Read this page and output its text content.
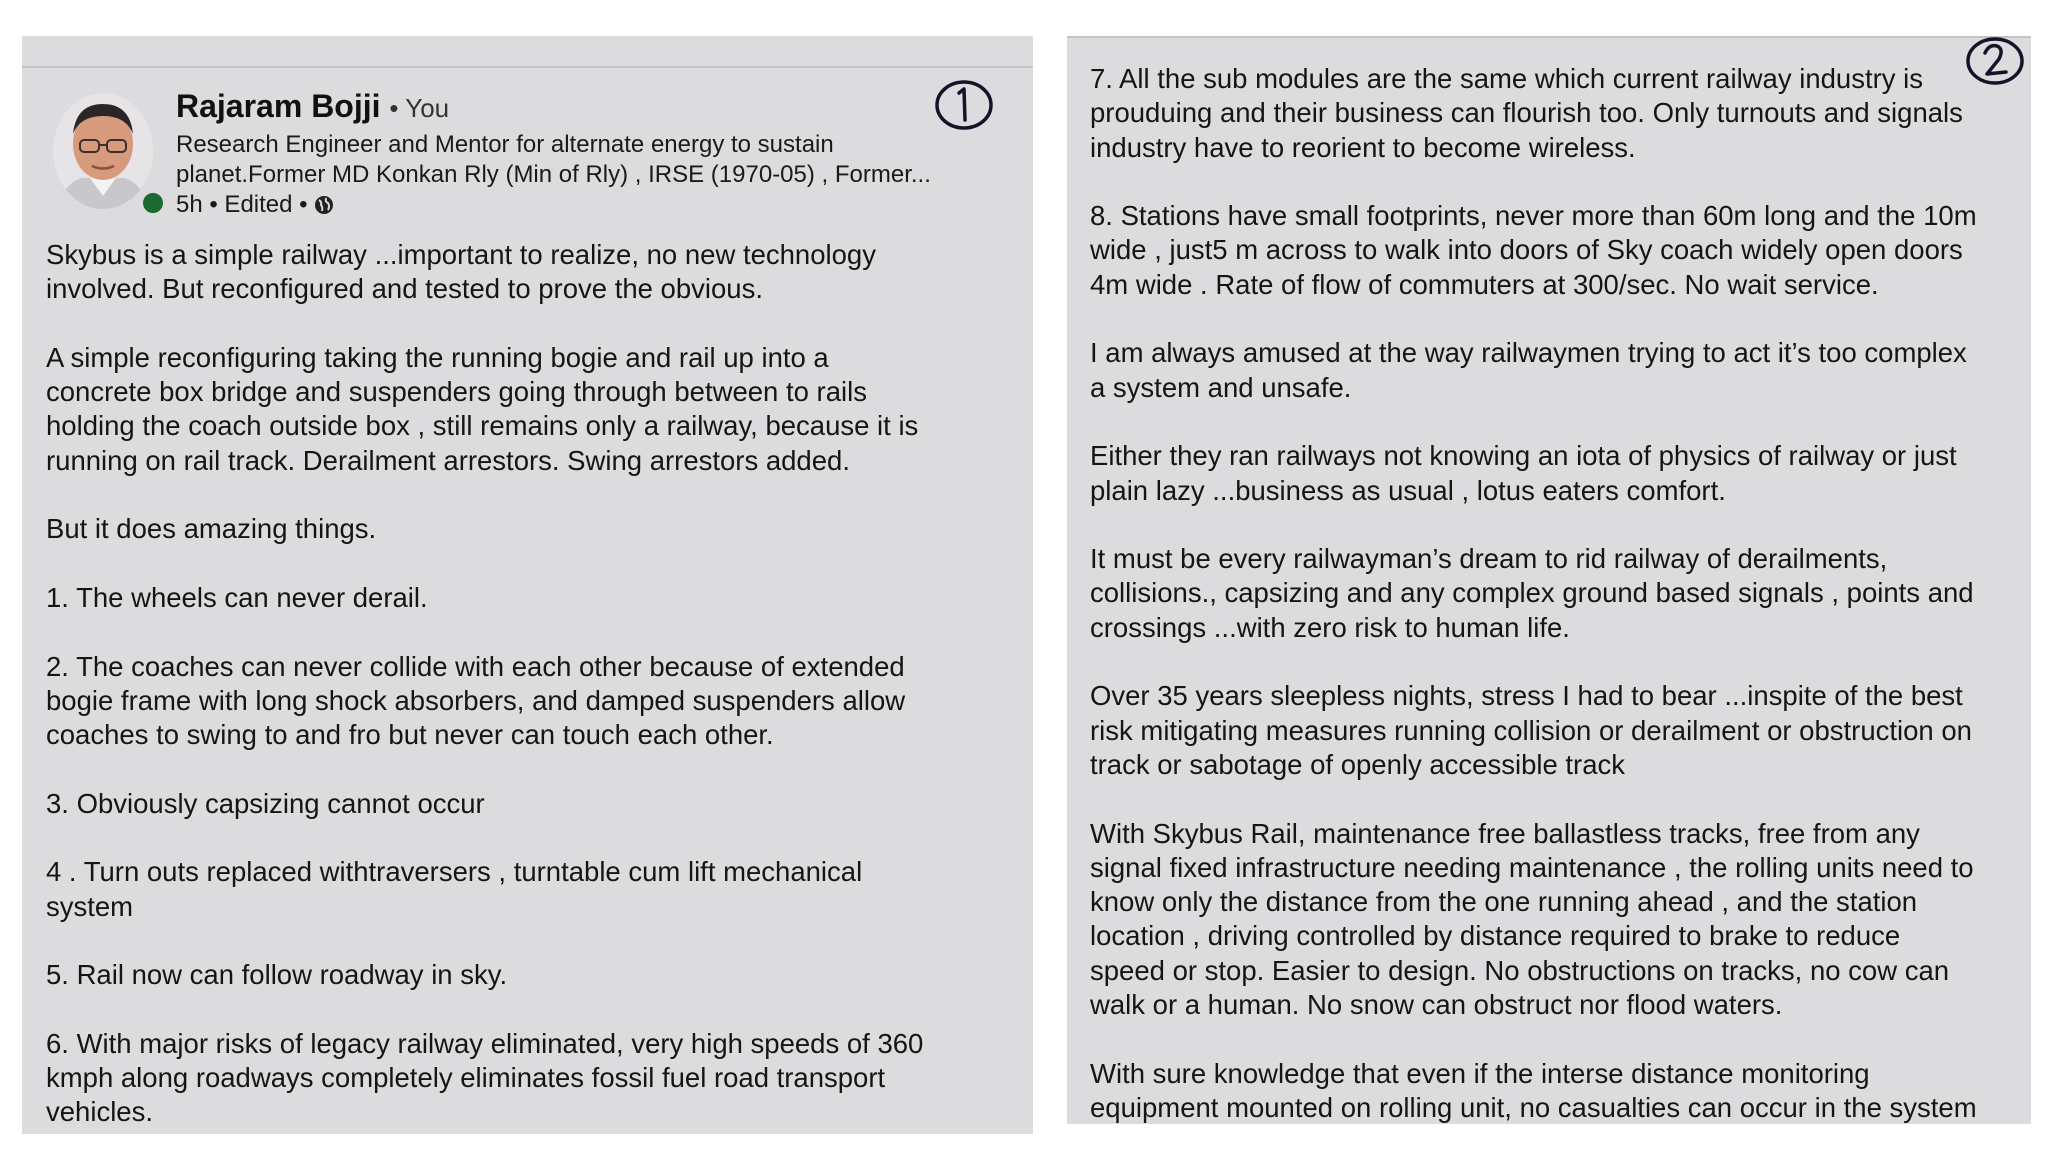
Rajaram Bojji • You
Research Engineer and Mentor for alternate energy to sustain
planet.Former MD Konkan Rly (Min of Rly) , IRSE (1970-05) , Former...
5h • Edited •
Skybus is a simple railway ...important to realize, no new technology
involved. But reconfigured and tested to prove the obvious.
A simple reconfiguring taking the running bogie and rail up into a
concrete box bridge and suspenders going through between to rails
holding the coach outside box , still remains only a railway, because it is
running on rail track. Derailment arrestors. Swing arrestors added.
But it does amazing things.
1. The wheels can never derail.
2. The coaches can never collide with each other because of extended
bogie frame with long shock absorbers, and damped suspenders allow
coaches to swing to and fro but never can touch each other.
3. Obviously capsizing cannot occur
4 . Turn outs replaced withtraversers , turntable cum lift mechanical
system
5. Rail now can follow roadway in sky.
6. With major risks of legacy railway eliminated, very high speeds of 360
kmph along roadways completely eliminates fossil fuel road transport
vehicles.
7. All the sub modules are the same which current railway industry is
prouduing and their business can flourish too. Only turnouts and signals
industry have to reorient to become wireless.
8. Stations have small footprints, never more than 60m long and the 10m
wide , just5 m across to walk into doors of Sky coach widely open doors
4m wide . Rate of flow of commuters at 300/sec. No wait service.
I am always amused at the way railwaymen trying to act it’s too complex
a system and unsafe.
Either they ran railways not knowing an iota of physics of railway or just
plain lazy ...business as usual , lotus eaters comfort.
It must be every railwayman’s dream to rid railway of derailments,
collisions., capsizing and any complex ground based signals , points and
crossings ...with zero risk to human life.
Over 35 years sleepless nights, stress I had to bear ...inspite of the best
risk mitigating measures running collision or derailment or obstruction on
track or sabotage of openly accessible track
With Skybus Rail, maintenance free ballastless tracks, free from any
signal fixed infrastructure needing maintenance , the rolling units need to
know only the distance from the one running ahead , and the station
location , driving controlled by distance required to brake to reduce
speed or stop. Easier to design. No obstructions on tracks, no cow can
walk or a human. No snow can obstruct nor flood waters.
With sure knowledge that even if the interse distance monitoring
equipment mounted on rolling unit, no casualties can occur in the system
